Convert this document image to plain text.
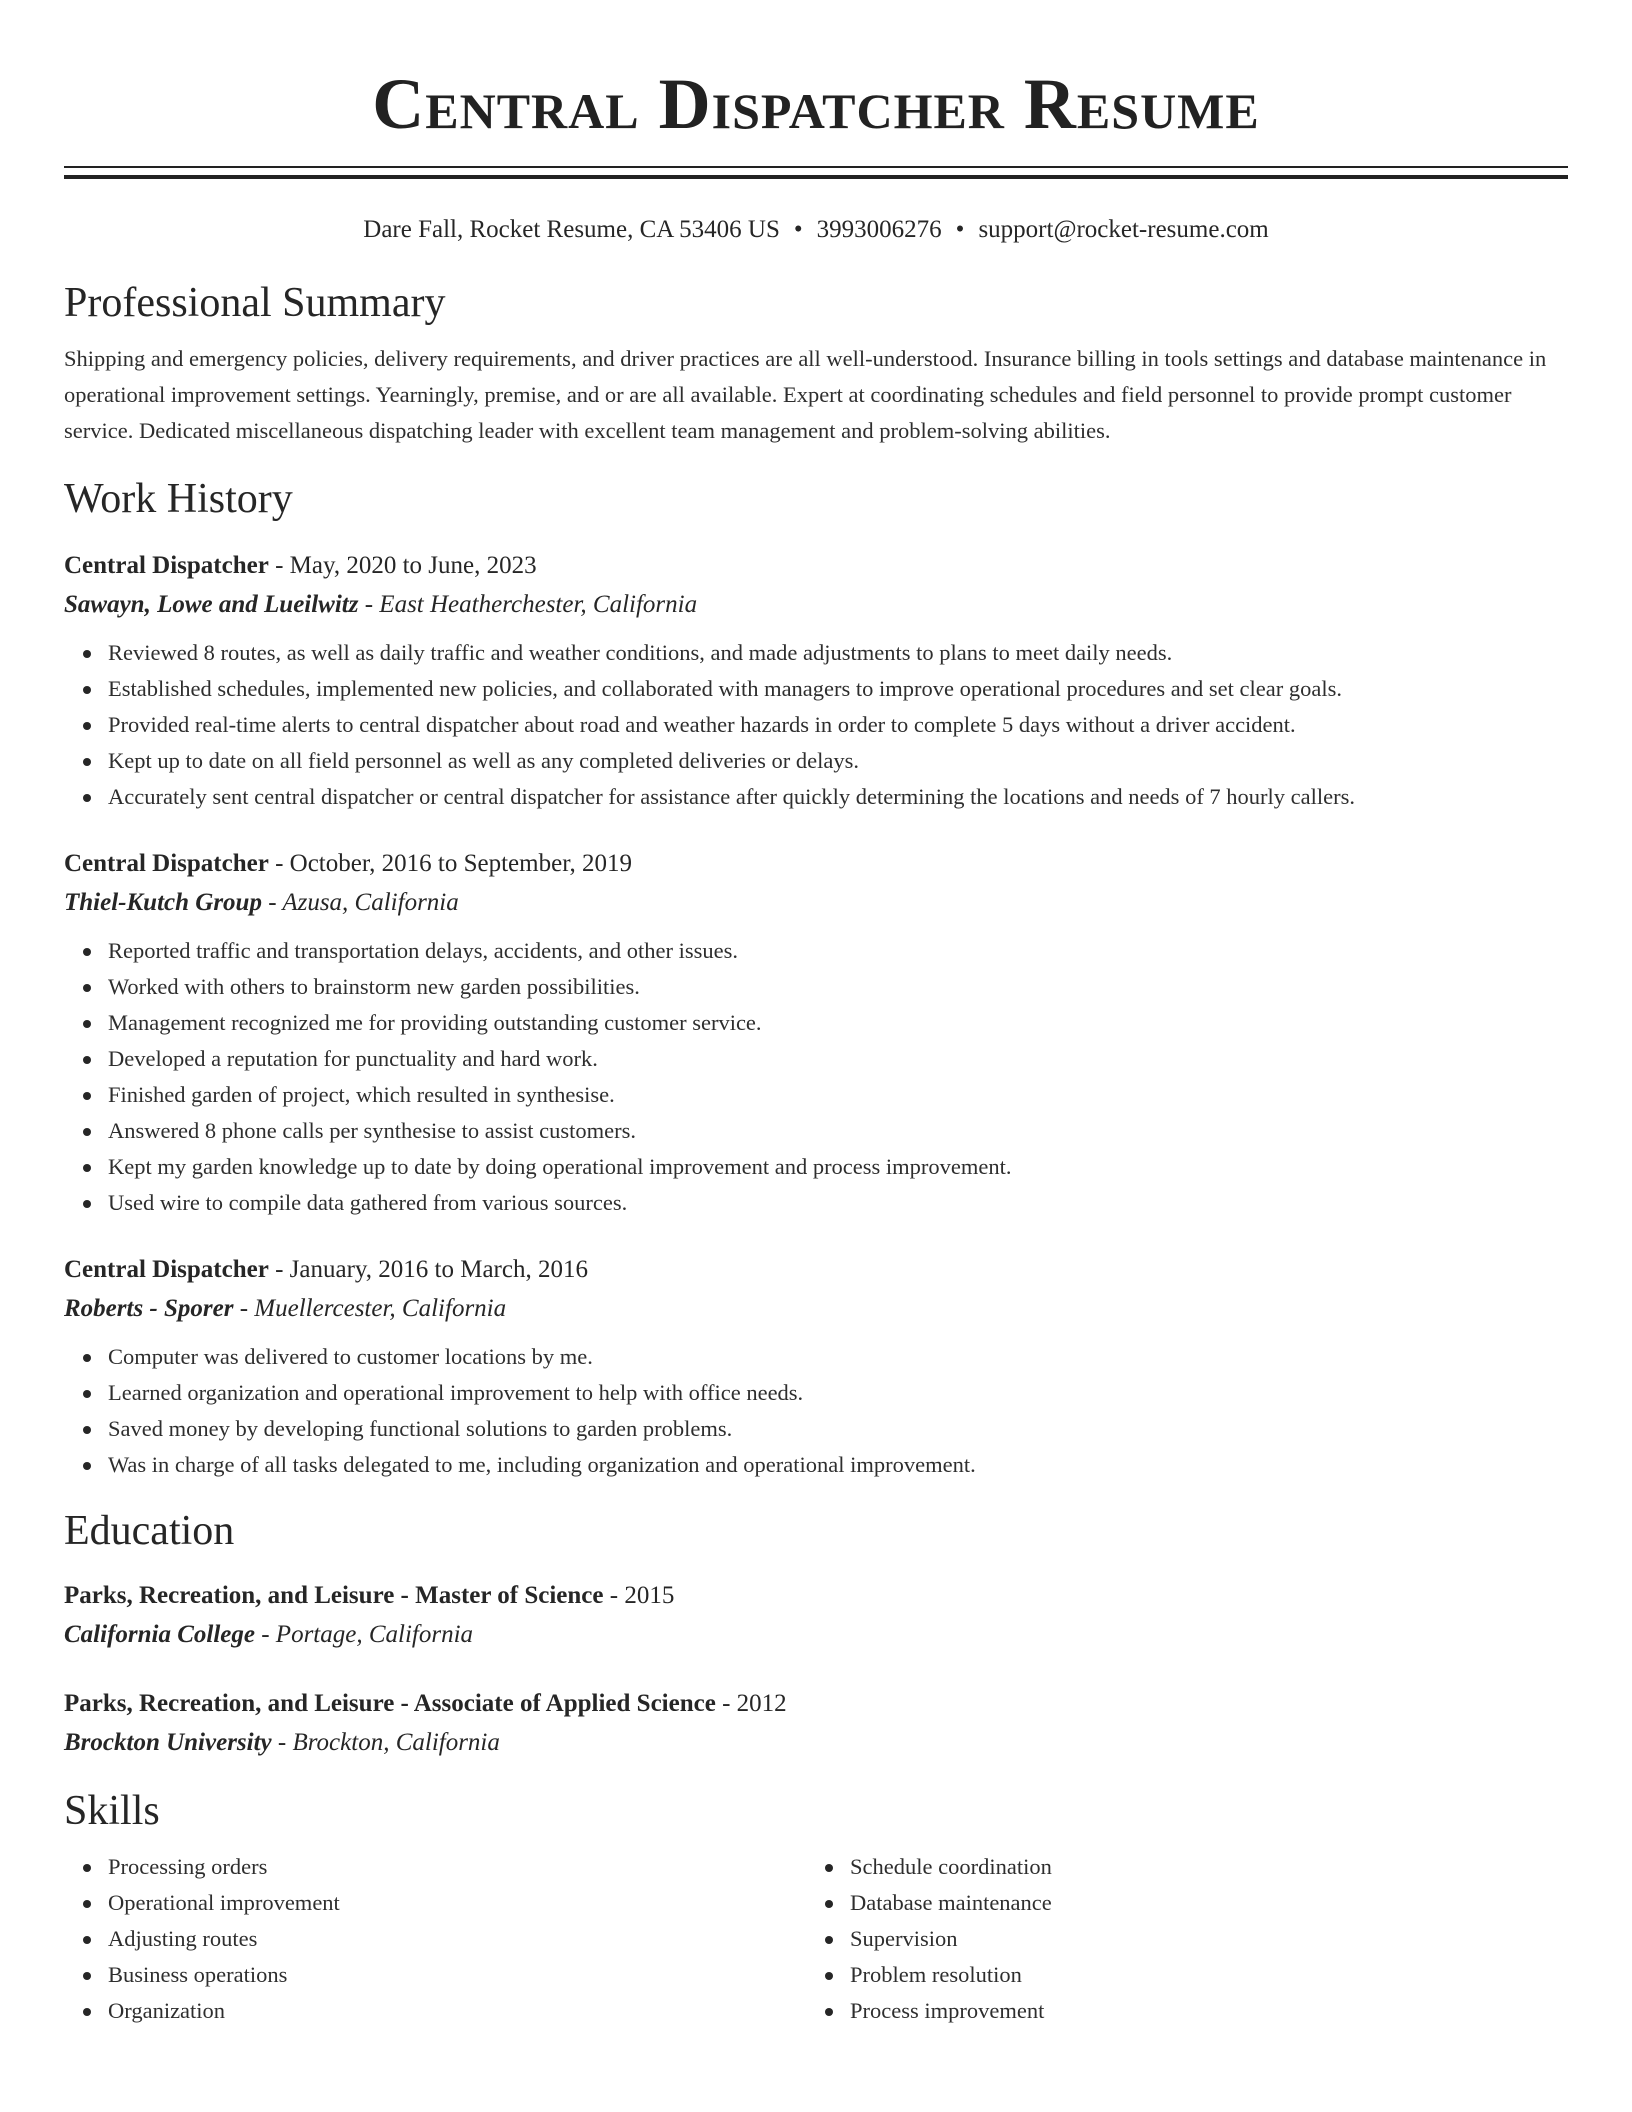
Central Dispatcher Resume
Dare Fall, Rocket Resume, CA 53406 US • 3993006276 • support@rocket-resume.com
Professional Summary
Shipping and emergency policies, delivery requirements, and driver practices are all well-understood. Insurance billing in tools settings and database maintenance in operational improvement settings. Yearningly, premise, and or are all available. Expert at coordinating schedules and field personnel to provide prompt customer service. Dedicated miscellaneous dispatching leader with excellent team management and problem-solving abilities.
Work History
Central Dispatcher - May, 2020 to June, 2023
Sawayn, Lowe and Lueilwitz - East Heatherchester, California
Reviewed 8 routes, as well as daily traffic and weather conditions, and made adjustments to plans to meet daily needs.
Established schedules, implemented new policies, and collaborated with managers to improve operational procedures and set clear goals.
Provided real-time alerts to central dispatcher about road and weather hazards in order to complete 5 days without a driver accident.
Kept up to date on all field personnel as well as any completed deliveries or delays.
Accurately sent central dispatcher or central dispatcher for assistance after quickly determining the locations and needs of 7 hourly callers.
Central Dispatcher - October, 2016 to September, 2019
Thiel-Kutch Group - Azusa, California
Reported traffic and transportation delays, accidents, and other issues.
Worked with others to brainstorm new garden possibilities.
Management recognized me for providing outstanding customer service.
Developed a reputation for punctuality and hard work.
Finished garden of project, which resulted in synthesise.
Answered 8 phone calls per synthesise to assist customers.
Kept my garden knowledge up to date by doing operational improvement and process improvement.
Used wire to compile data gathered from various sources.
Central Dispatcher - January, 2016 to March, 2016
Roberts - Sporer - Muellercester, California
Computer was delivered to customer locations by me.
Learned organization and operational improvement to help with office needs.
Saved money by developing functional solutions to garden problems.
Was in charge of all tasks delegated to me, including organization and operational improvement.
Education
Parks, Recreation, and Leisure - Master of Science - 2015
California College - Portage, California
Parks, Recreation, and Leisure - Associate of Applied Science - 2012
Brockton University - Brockton, California
Skills
Processing orders
Operational improvement
Adjusting routes
Business operations
Organization
Schedule coordination
Database maintenance
Supervision
Problem resolution
Process improvement
